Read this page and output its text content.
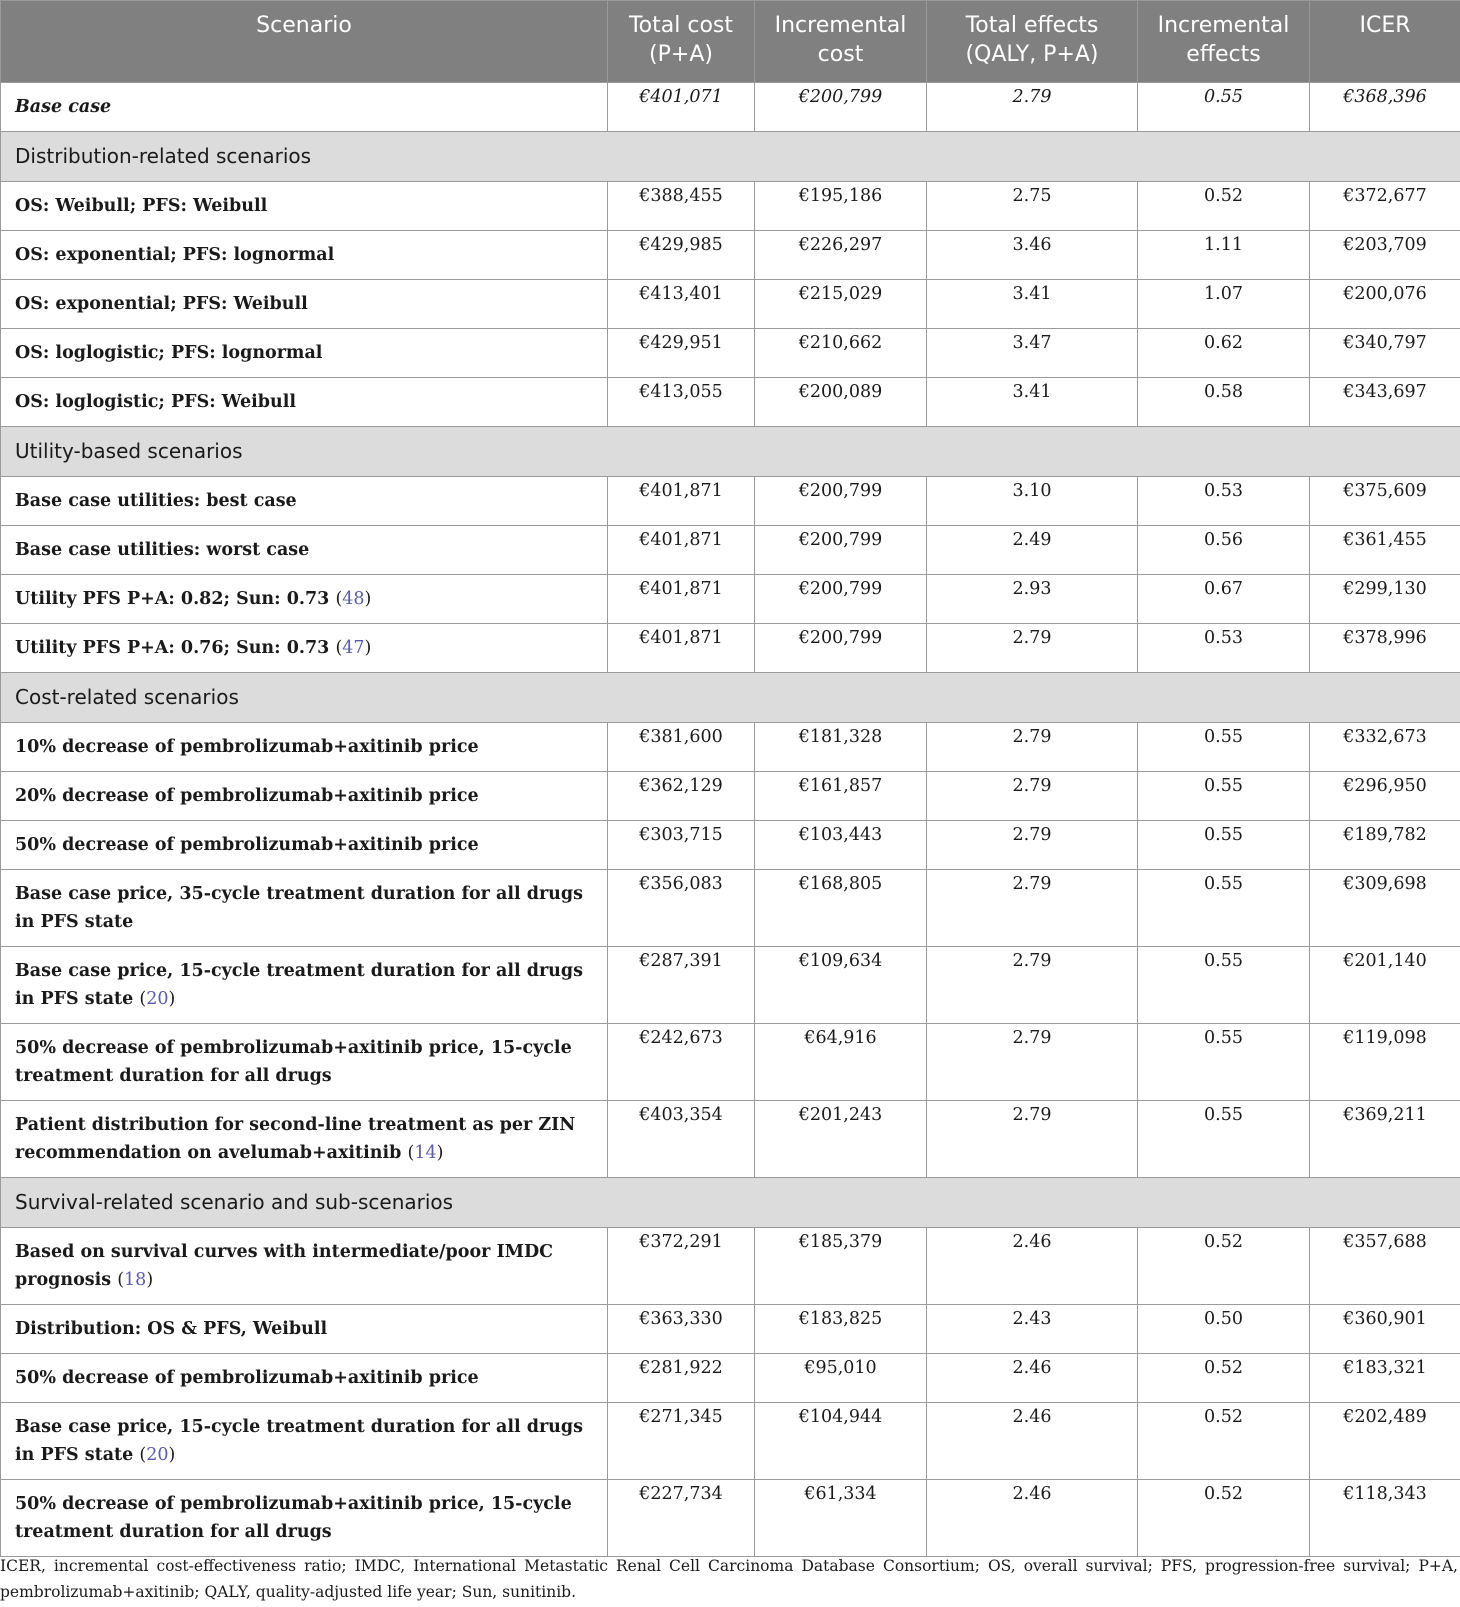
Scenario	Total cost (P+A)	Incremental cost	Total effects (QALY, P+A)	Incremental effects	ICER
Base case	€401,071	€200,799	2.79	0.55	€368,396
Distribution-related scenarios					
OS: Weibull; PFS: Weibull	€388,455	€195,186	2.75	0.52	€372,677
OS: exponential; PFS: lognormal	€429,985	€226,297	3.46	1.11	€203,709
OS: exponential; PFS: Weibull	€413,401	€215,029	3.41	1.07	€200,076
OS: loglogistic; PFS: lognormal	€429,951	€210,662	3.47	0.62	€340,797
OS: loglogistic; PFS: Weibull	€413,055	€200,089	3.41	0.58	€343,697
Utility-based scenarios					
Base case utilities: best case	€401,871	€200,799	3.10	0.53	€375,609
Base case utilities: worst case	€401,871	€200,799	2.49	0.56	€361,455
Utility PFS P+A: 0.82; Sun: 0.73 (48)	€401,871	€200,799	2.93	0.67	€299,130
Utility PFS P+A: 0.76; Sun: 0.73 (47)	€401,871	€200,799	2.79	0.53	€378,996
Cost-related scenarios					
10% decrease of pembrolizumab+axitinib price	€381,600	€181,328	2.79	0.55	€332,673
20% decrease of pembrolizumab+axitinib price	€362,129	€161,857	2.79	0.55	€296,950
50% decrease of pembrolizumab+axitinib price	€303,715	€103,443	2.79	0.55	€189,782
Base case price, 35-cycle treatment duration for all drugs in PFS state	€356,083	€168,805	2.79	0.55	€309,698
Base case price, 15-cycle treatment duration for all drugs in PFS state (20)	€287,391	€109,634	2.79	0.55	€201,140
50% decrease of pembrolizumab+axitinib price, 15-cycle treatment duration for all drugs	€242,673	€64,916	2.79	0.55	€119,098
Patient distribution for second-line treatment as per ZIN recommendation on avelumab+axitinib (14)	€403,354	€201,243	2.79	0.55	€369,211
Survival-related scenario and sub-scenarios					
Based on survival curves with intermediate/poor IMDC prognosis (18)	€372,291	€185,379	2.46	0.52	€357,688
Distribution: OS & PFS, Weibull	€363,330	€183,825	2.43	0.50	€360,901
50% decrease of pembrolizumab+axitinib price	€281,922	€95,010	2.46	0.52	€183,321
Base case price, 15-cycle treatment duration for all drugs in PFS state (20)	€271,345	€104,944	2.46	0.52	€202,489
50% decrease of pembrolizumab+axitinib price, 15-cycle treatment duration for all drugs	€227,734	€61,334	2.46	0.52	€118,343
ICER, incremental cost-effectiveness ratio; IMDC, International Metastatic Renal Cell Carcinoma Database Consortium; OS, overall survival; PFS, progression-free survival; P+A, pembrolizumab+axitinib; QALY, quality-adjusted life year; Sun, sunitinib.
